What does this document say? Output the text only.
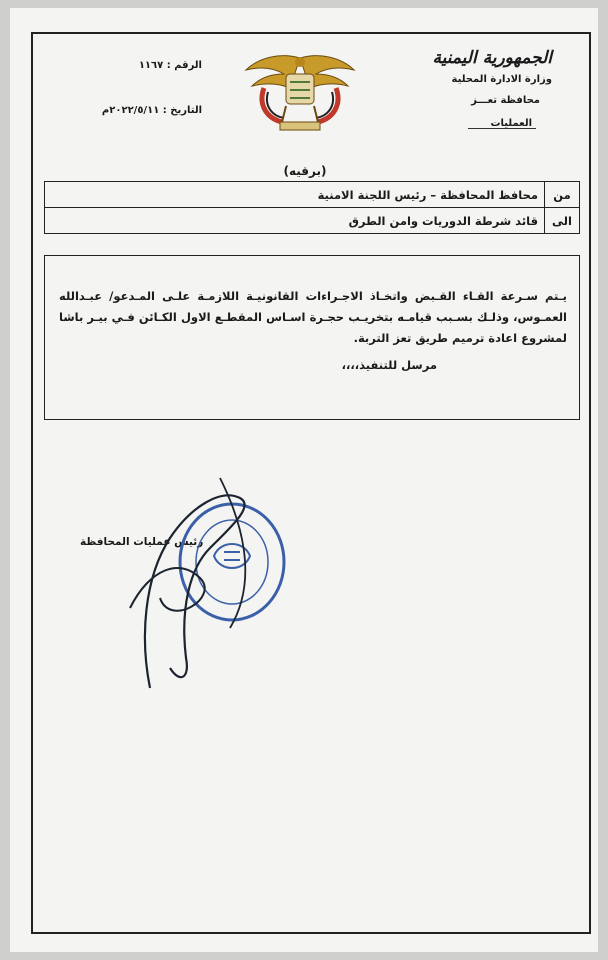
الجمهورية اليمنية
وزارة الادارة المحلية
محافظة تعـــز
العمليات
الرقم : ١١٦٧
التاريخ : ٢٠٢٢/٥/١١م
(برقيه)
من	محافظ المحافظة – رئيس اللجنة الامنية
الى	قائد شرطة الدوريات وامن الطرق
يـتم سـرعة القـاء القـبض واتخـاذ الاجـراءات القانونيـة اللازمـة علـى المـدعو/ عبـدالله العمـوس، وذلـك بسـبب قيامـه بتخريـب حجـرة اسـاس المقطـع الاول الكـائن فـي بيـر باشا لمشروع اعادة ترميم طريق تعز التربة.
مرسل للتنفيذ،،،،
رئيس عمليات المحافظة
